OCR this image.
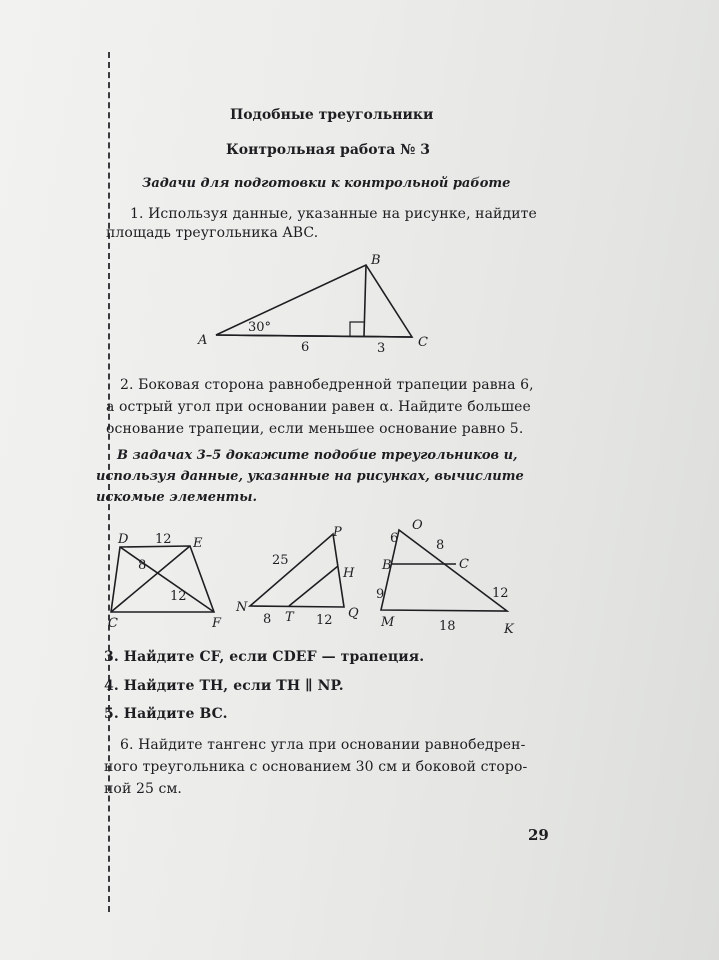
Подобные треугольники
Контрольная работа № 3
Задачи для подготовки к контрольной работе
1. Используя данные, указанные на рисунке, найдите
площадь треугольника ABC.
B
A	C
30°
6	3
D	E
C	F
12
8
12
P
H
N
T	Q
25
8	12
O
B	C
M	K
6	8
9	12
18
2. Боковая сторона равнобедренной трапеции равна 6,
а острый угол при основании равен α. Найдите большее
основание трапеции, если меньшее основание равно 5.
В задачах 3–5 докажите подобие треугольников и,
используя данные, указанные на рисунках, вычислите
искомые элементы.
3. Найдите CF, если CDEF — трапеция.
4. Найдите TH, если TH ∥ NP.
5. Найдите BC.
6. Найдите тангенс угла при основании равнобедрен-
ного треугольника с основанием 30 см и боковой сторо-
ной 25 см.
29
